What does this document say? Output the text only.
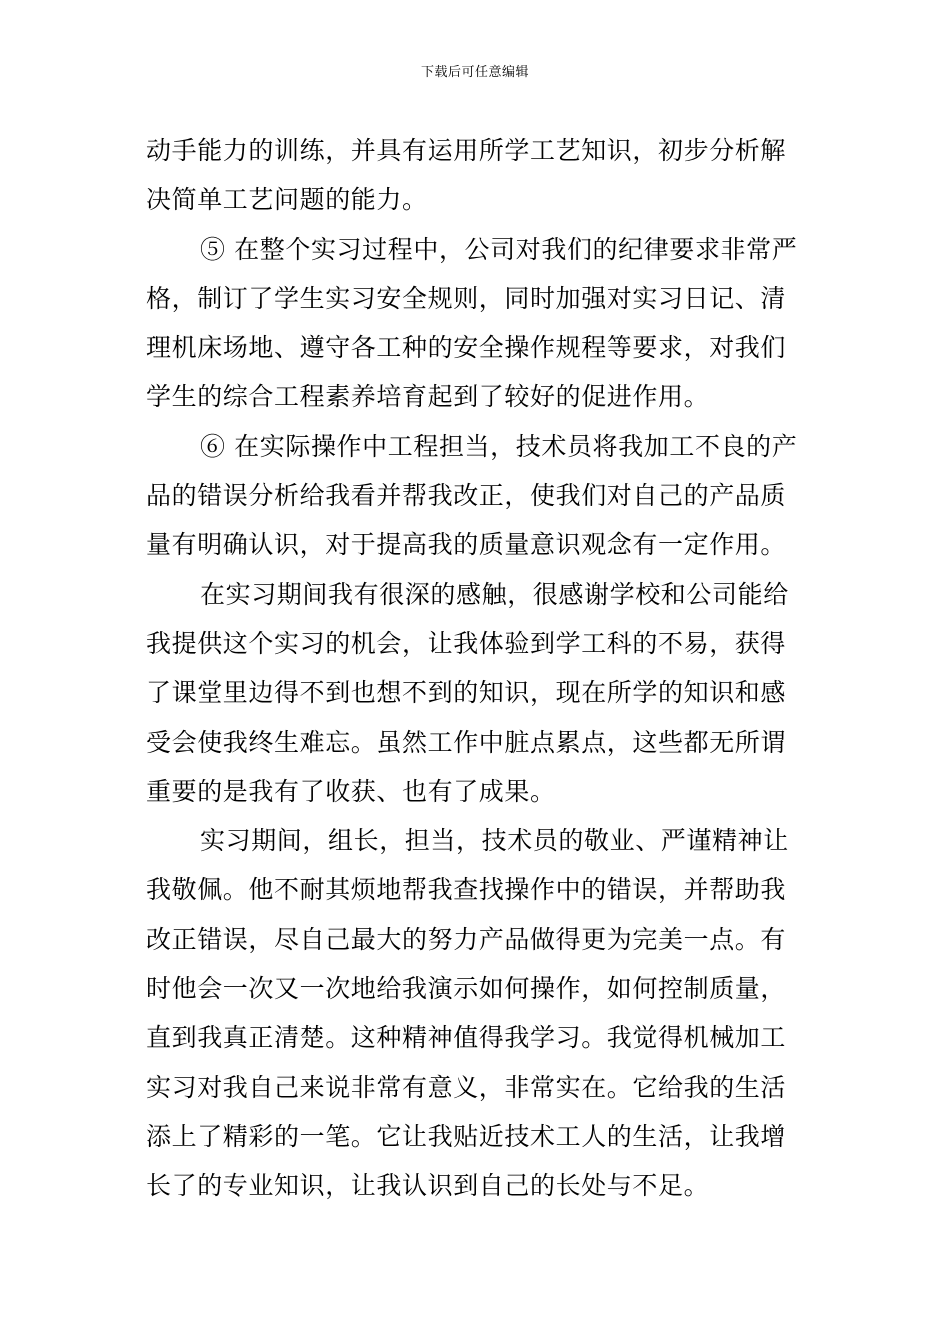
下载后可任意编辑
动手能力的训练，并具有运用所学工艺知识，初步分析解
决简单工艺问题的能力。
⑤ 在整个实习过程中，公司对我们的纪律要求非常严
格，制订了学生实习安全规则，同时加强对实习日记、清
理机床场地、遵守各工种的安全操作规程等要求，对我们
学生的综合工程素养培育起到了较好的促进作用。
⑥ 在实际操作中工程担当，技术员将我加工不良的产
品的错误分析给我看并帮我改正，使我们对自己的产品质
量有明确认识，对于提高我的质量意识观念有一定作用。
在实习期间我有很深的感触，很感谢学校和公司能给
我提供这个实习的机会，让我体验到学工科的不易，获得
了课堂里边得不到也想不到的知识，现在所学的知识和感
受会使我终生难忘。虽然工作中脏点累点，这些都无所谓
重要的是我有了收获、也有了成果。
实习期间，组长，担当，技术员的敬业、严谨精神让
我敬佩。他不耐其烦地帮我查找操作中的错误，并帮助我
改正错误，尽自己最大的努力产品做得更为完美一点。有
时他会一次又一次地给我演示如何操作，如何控制质量，
直到我真正清楚。这种精神值得我学习。我觉得机械加工
实习对我自己来说非常有意义，非常实在。它给我的生活
添上了精彩的一笔。它让我贴近技术工人的生活，让我增
长了的专业知识，让我认识到自己的长处与不足。
